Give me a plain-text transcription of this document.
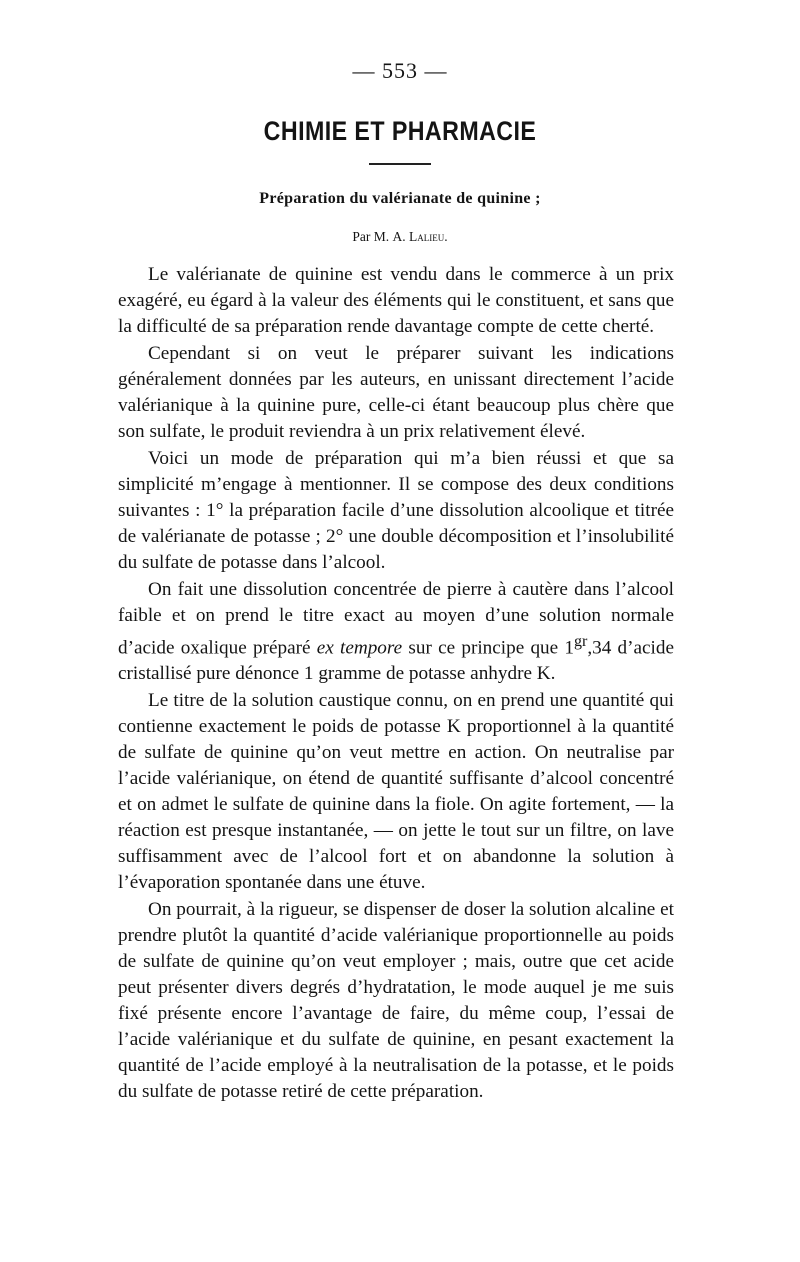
— 553 —
CHIMIE ET PHARMACIE
Préparation du valérianate de quinine ;
Par M. A. Lalieu.

Le valérianate de quinine est vendu dans le commerce à un prix exagéré, eu égard à la valeur des éléments qui le constituent, et sans que la difficulté de sa préparation rende davantage compte de cette cherté.

Cependant si on veut le préparer suivant les indications généralement données par les auteurs, en unissant directement l’acide valérianique à la quinine pure, celle-ci étant beaucoup plus chère que son sulfate, le produit reviendra à un prix relativement élevé.

Voici un mode de préparation qui m’a bien réussi et que sa simplicité m’engage à mentionner. Il se compose des deux conditions suivantes : 1° la préparation facile d’une dissolution alcoolique et titrée de valérianate de potasse ; 2° une double décomposition et l’insolubilité du sulfate de potasse dans l’alcool.

On fait une dissolution concentrée de pierre à cautère dans l’alcool faible et on prend le titre exact au moyen d’une solution normale d’acide oxalique préparé ex tempore sur ce principe que $1^{gr},34$ d’acide cristallisé pure dénonce 1 gramme de potasse anhydre K.

Le titre de la solution caustique connu, on en prend une quantité qui contienne exactement le poids de potasse K proportionnel à la quantité de sulfate de quinine qu’on veut mettre en action. On neutralise par l’acide valérianique, on étend de quantité suffisante d’alcool concentré et on admet le sulfate de quinine dans la fiole. On agite fortement, — la réaction est presque instantanée, — on jette le tout sur un filtre, on lave suffisamment avec de l’alcool fort et on abandonne la solution à l’évaporation spontanée dans une étuve.

On pourrait, à la rigueur, se dispenser de doser la solution alcaline et prendre plutôt la quantité d’acide valérianique proportionnelle au poids de sulfate de quinine qu’on veut employer ; mais, outre que cet acide peut présenter divers degrés d’hydratation, le mode auquel je me suis fixé présente encore l’avantage de faire, du même coup, l’essai de l’acide valérianique et du sulfate de quinine, en pesant exactement la quantité de l’acide employé à la neutralisation de la potasse, et le poids du sulfate de potasse retiré de cette préparation.
